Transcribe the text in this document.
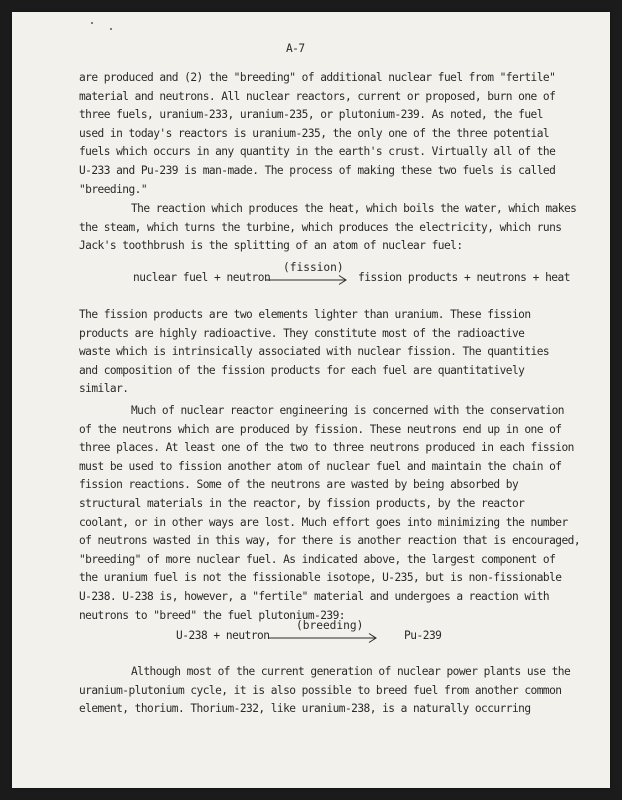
A-7
are produced and (2) the "breeding" of additional nuclear fuel from "fertile"
material and neutrons. All nuclear reactors, current or proposed, burn one of
three fuels, uranium-233, uranium-235, or plutonium-239. As noted, the fuel
used in today's reactors is uranium-235, the only one of the three potential
fuels which occurs in any quantity in the earth's crust. Virtually all of the
U-233 and Pu-239 is man-made. The process of making these two fuels is called
"breeding."
The reaction which produces the heat, which boils the water, which makes
the steam, which turns the turbine, which produces the electricity, which runs
Jack's toothbrush is the splitting of an atom of nuclear fuel:
nuclear fuel + neutron
(fission)
fission products + neutrons + heat
The fission products are two elements lighter than uranium. These fission
products are highly radioactive. They constitute most of the radioactive
waste which is intrinsically associated with nuclear fission. The quantities
and composition of the fission products for each fuel are quantitatively
similar.
Much of nuclear reactor engineering is concerned with the conservation
of the neutrons which are produced by fission. These neutrons end up in one of
three places. At least one of the two to three neutrons produced in each fission
must be used to fission another atom of nuclear fuel and maintain the chain of
fission reactions. Some of the neutrons are wasted by being absorbed by
structural materials in the reactor, by fission products, by the reactor
coolant, or in other ways are lost. Much effort goes into minimizing the number
of neutrons wasted in this way, for there is another reaction that is encouraged,
"breeding" of more nuclear fuel. As indicated above, the largest component of
the uranium fuel is not the fissionable isotope, U-235, but is non-fissionable
U-238. U-238 is, however, a "fertile" material and undergoes a reaction with
neutrons to "breed" the fuel plutonium-239:
U-238 + neutron
(breeding)
Pu-239
Although most of the current generation of nuclear power plants use the
uranium-plutonium cycle, it is also possible to breed fuel from another common
element, thorium. Thorium-232, like uranium-238, is a naturally occurring
